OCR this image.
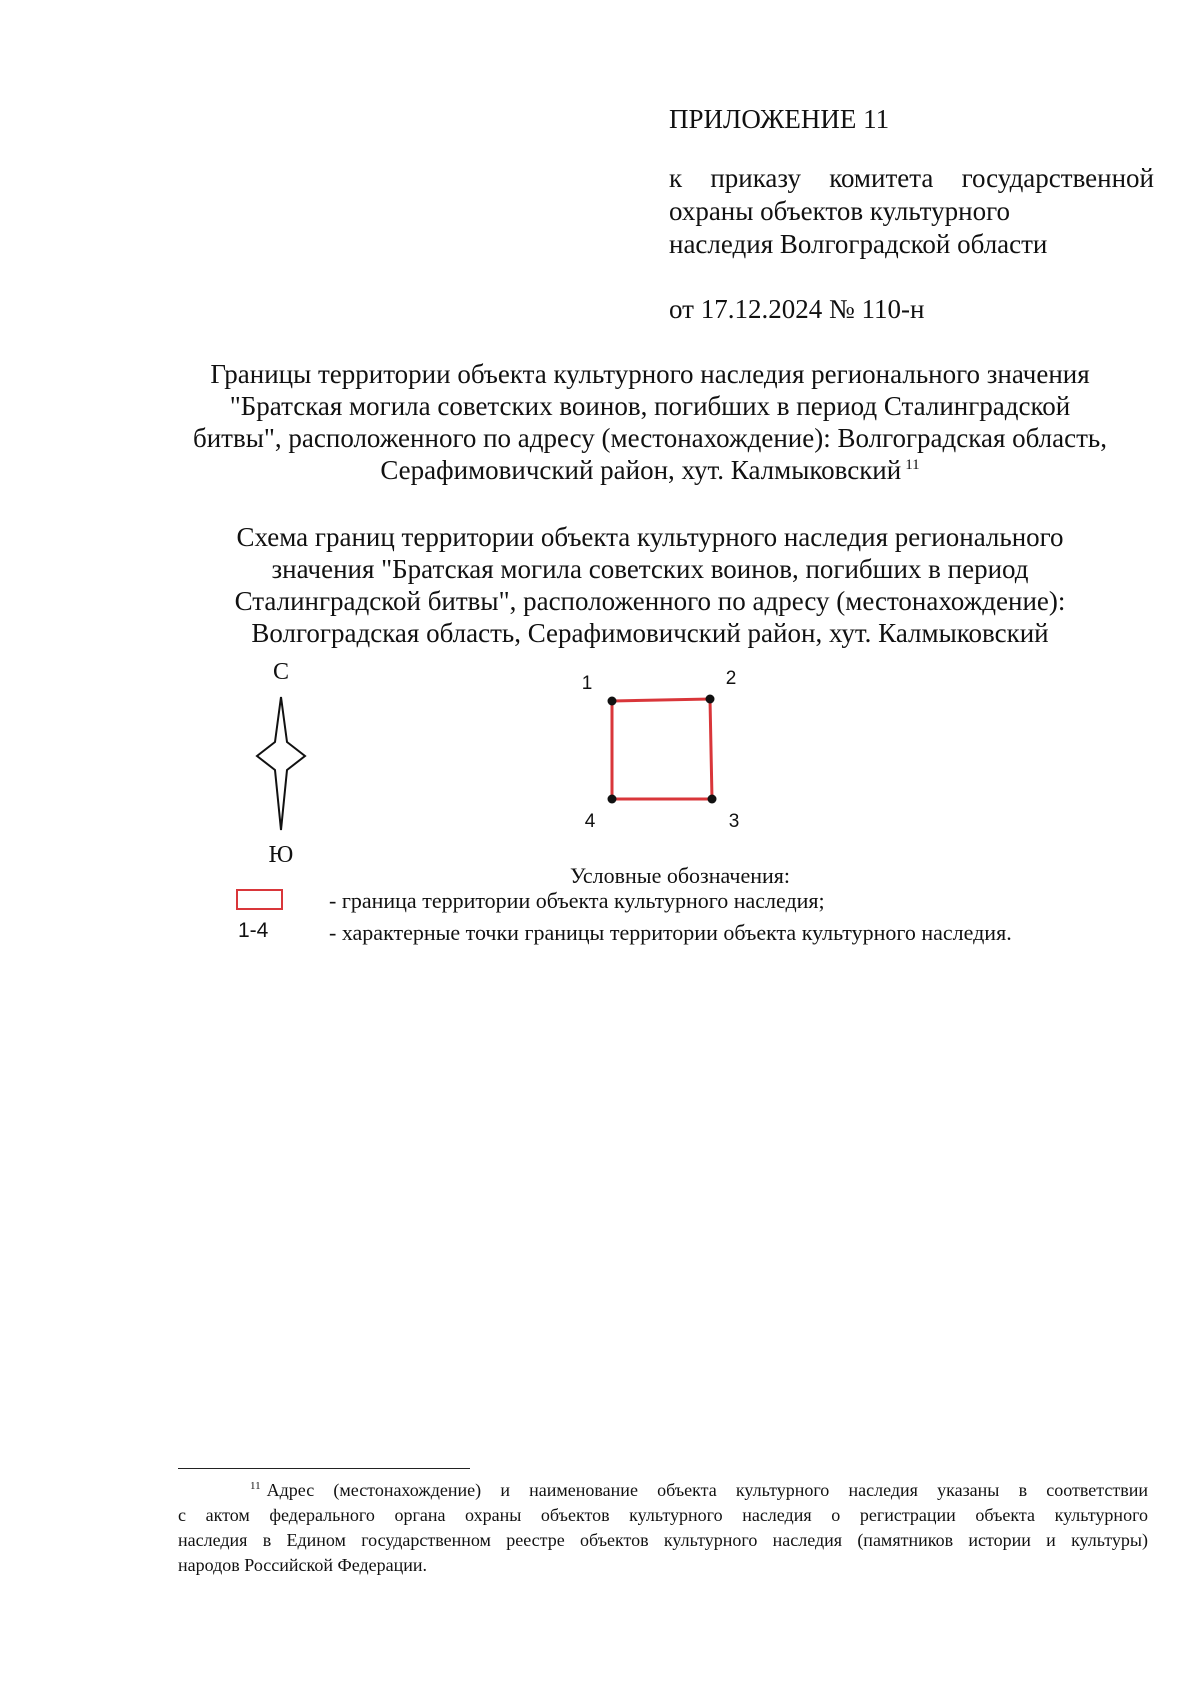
ПРИЛОЖЕНИЕ 11
к приказу комитета государственной
охраны объектов культурного
наследия Волгоградской области
от 17.12.2024 № 110-н
Границы территории объекта культурного наследия регионального значения
"Братская могила советских воинов, погибших в период Сталинградской
битвы", расположенного по адресу (местонахождение): Волгоградская область,
Серафимовичский район, хут. Калмыковский $^{11}$
Схема границ территории объекта культурного наследия регионального
значения "Братская могила советских воинов, погибших в период
Сталинградской битвы", расположенного по адресу (местонахождение):
Волгоградская область, Серафимовичский район, хут. Калмыковский
С
Ю
1	2
3
4
Условные обозначения:
- граница территории объекта культурного наследия;
1-4	- характерные точки границы территории объекта культурного наследия.
$^{11}$ Адрес (местонахождение) и наименование объекта культурного наследия указаны в соответствии
с актом федерального органа охраны объектов культурного наследия о регистрации объекта культурного
наследия в Едином государственном реестре объектов культурного наследия (памятников истории и культуры)
народов Российской Федерации.
